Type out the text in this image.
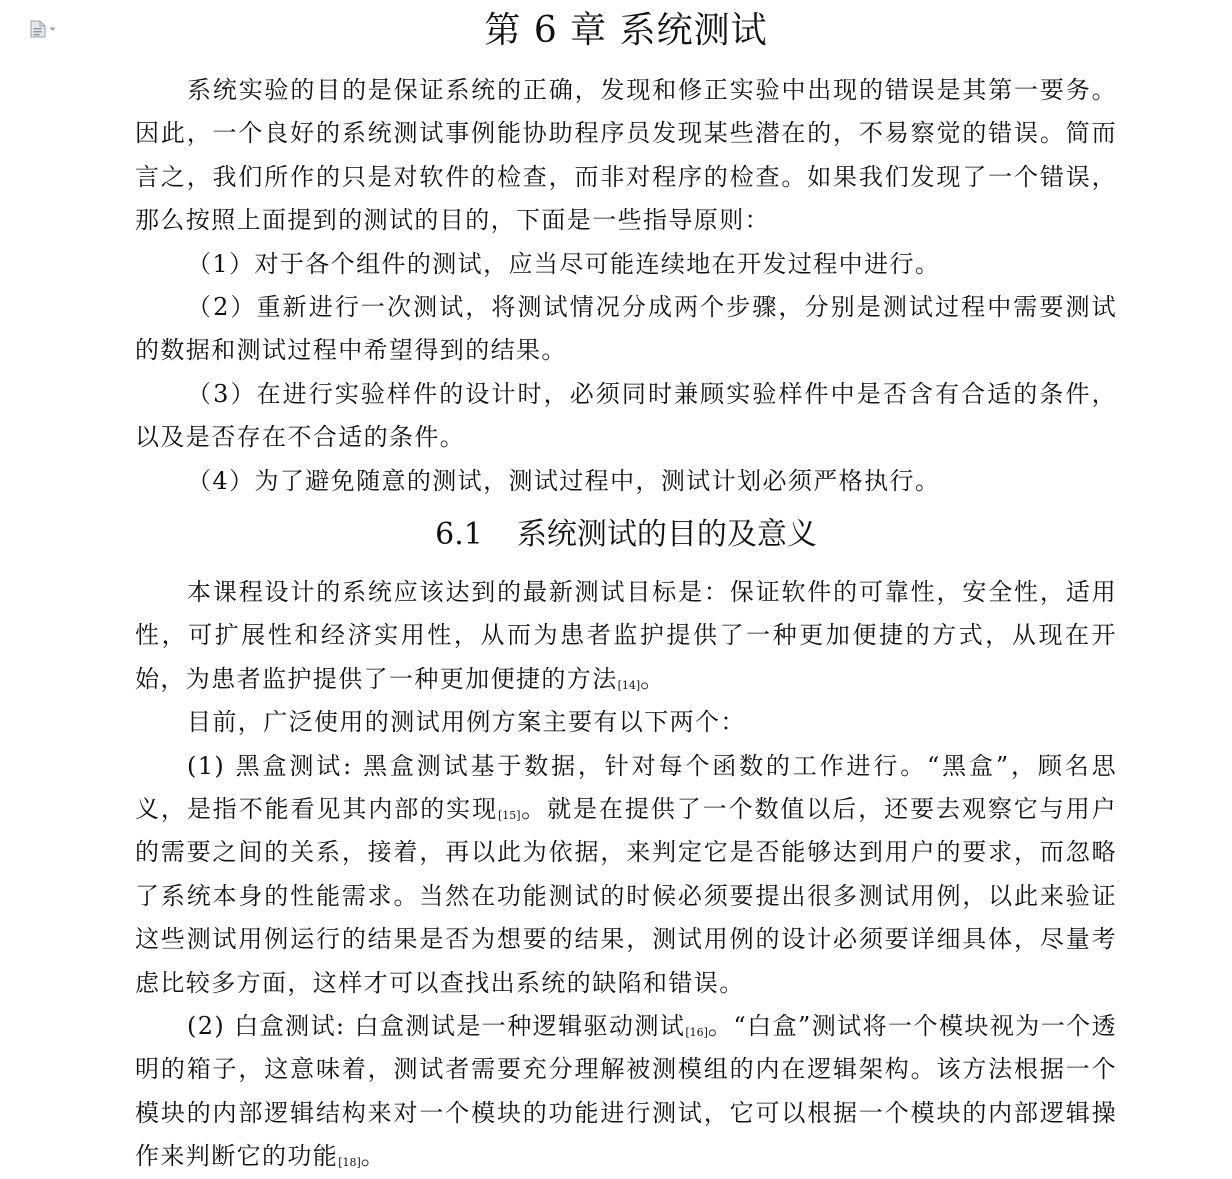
第 6 章 系统测试

系统实验的目的是保证系统的正确，发现和修正实验中出现的错误是其第一要务。因此，一个良好的系统测试事例能协助程序员发现某些潜在的，不易察觉的错误。简而言之，我们所作的只是对软件的检查，而非对程序的检查。如果我们发现了一个错误，那么按照上面提到的测试的目的，下面是一些指导原则：

（1）对于各个组件的测试，应当尽可能连续地在开发过程中进行。

（2）重新进行一次测试，将测试情况分成两个步骤，分别是测试过程中需要测试的数据和测试过程中希望得到的结果。

（3）在进行实验样件的设计时，必须同时兼顾实验样件中是否含有合适的条件，以及是否存在不合适的条件。

（4）为了避免随意的测试，测试过程中，测试计划必须严格执行。

6.1 系统测试的目的及意义

本课程设计的系统应该达到的最新测试目标是：保证软件的可靠性，安全性，适用性，可扩展性和经济实用性，从而为患者监护提供了一种更加便捷的方式，从现在开始，为患者监护提供了一种更加便捷的方法[14]。

目前，广泛使用的测试用例方案主要有以下两个：

(1) 黑盒测试: 黑盒测试基于数据，针对每个函数的工作进行。“黑盒”，顾名思义，是指不能看见其内部的实现[15]。就是在提供了一个数值以后，还要去观察它与用户的需要之间的关系，接着，再以此为依据，来判定它是否能够达到用户的要求，而忽略了系统本身的性能需求。当然在功能测试的时候必须要提出很多测试用例，以此来验证这些测试用例运行的结果是否为想要的结果，测试用例的设计必须要详细具体，尽量考虑比较多方面，这样才可以查找出系统的缺陷和错误。

(2) 白盒测试: 白盒测试是一种逻辑驱动测试[16]。“白盒”测试将一个模块视为一个透明的箱子，这意味着，测试者需要充分理解被测模组的内在逻辑架构。该方法根据一个模块的内部逻辑结构来对一个模块的功能进行测试，它可以根据一个模块的内部逻辑操作来判断它的功能[18]。
